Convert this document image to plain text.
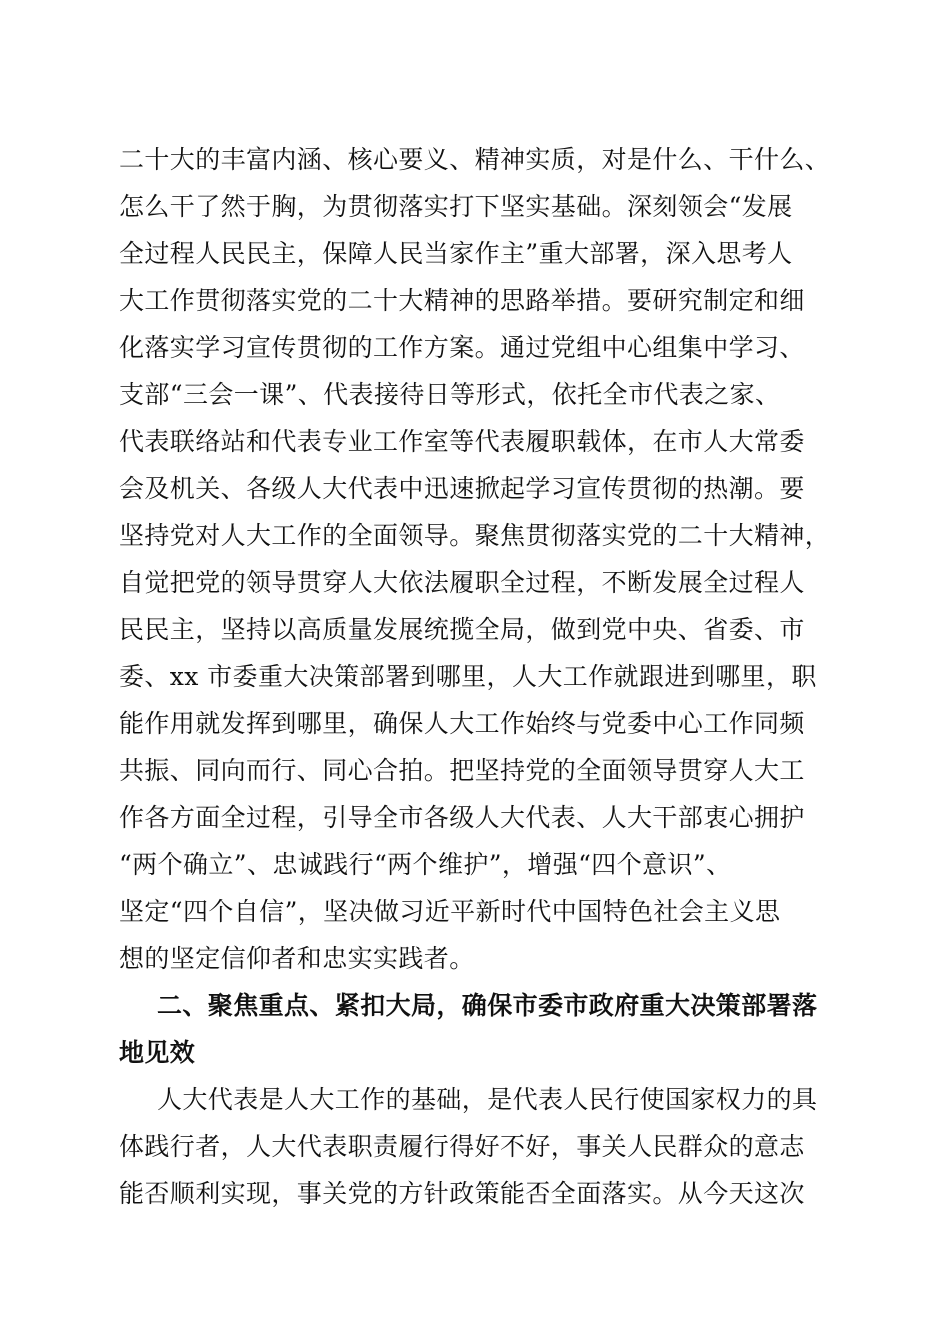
二十大的丰富内涵、核心要义、精神实质，对是什么、干什么、
怎么干了然于胸，为贯彻落实打下坚实基础。深刻领会“发展
全过程人民民主，保障人民当家作主”重大部署，深入思考人
大工作贯彻落实党的二十大精神的思路举措。要研究制定和细
化落实学习宣传贯彻的工作方案。通过党组中心组集中学习、
支部“三会一课”、代表接待日等形式，依托全市代表之家、
代表联络站和代表专业工作室等代表履职载体，在市人大常委
会及机关、各级人大代表中迅速掀起学习宣传贯彻的热潮。要
坚持党对人大工作的全面领导。聚焦贯彻落实党的二十大精神，
自觉把党的领导贯穿人大依法履职全过程，不断发展全过程人
民民主，坚持以高质量发展统揽全局，做到党中央、省委、市
委、xx 市委重大决策部署到哪里，人大工作就跟进到哪里，职
能作用就发挥到哪里，确保人大工作始终与党委中心工作同频
共振、同向而行、同心合拍。把坚持党的全面领导贯穿人大工
作各方面全过程，引导全市各级人大代表、人大干部衷心拥护
“两个确立”、忠诚践行“两个维护”，增强“四个意识”、
坚定“四个自信”，坚决做习近平新时代中国特色社会主义思
想的坚定信仰者和忠实实践者。
二、聚焦重点、紧扣大局，确保市委市政府重大决策部署落
地见效
人大代表是人大工作的基础，是代表人民行使国家权力的具
体践行者，人大代表职责履行得好不好，事关人民群众的意志
能否顺利实现，事关党的方针政策能否全面落实。从今天这次
